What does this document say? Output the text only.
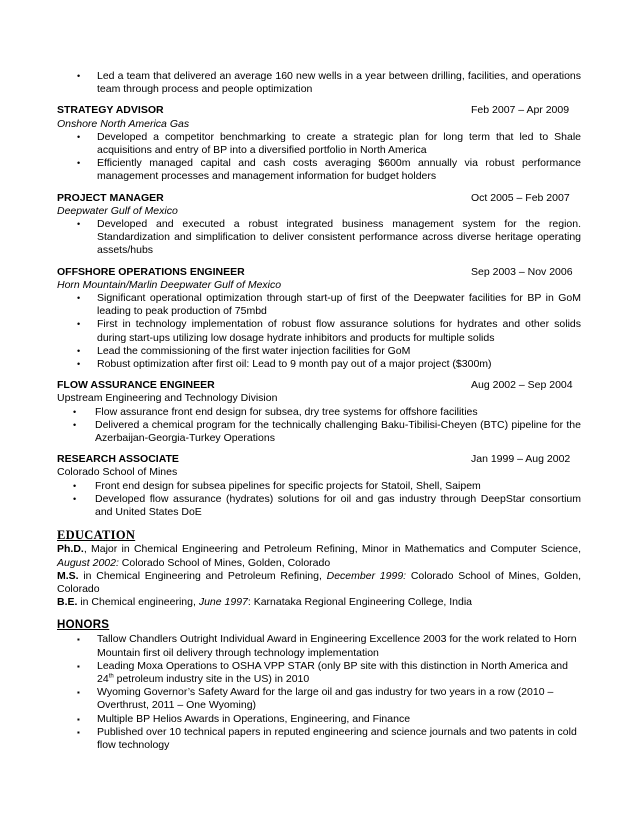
• Led a team that delivered an average 160 new wells in a year between drilling, facilities, and operations team through process and people optimization
STRATEGY ADVISOR	Feb 2007 – Apr 2009
Onshore North America Gas
• Developed a competitor benchmarking to create a strategic plan for long term that led to Shale acquisitions and entry of BP into a diversified portfolio in North America
• Efficiently managed capital and cash costs averaging $600m annually via robust performance management processes and management information for budget holders
PROJECT MANAGER	Oct 2005 – Feb 2007
Deepwater Gulf of Mexico
• Developed and executed a robust integrated business management system for the region. Standardization and simplification to deliver consistent performance across diverse heritage operating assets/hubs
OFFSHORE OPERATIONS ENGINEER	Sep 2003 – Nov 2006
Horn Mountain/Marlin Deepwater Gulf of Mexico
• Significant operational optimization through start-up of first of the Deepwater facilities for BP in GoM leading to peak production of 75mbd
• First in technology implementation of robust flow assurance solutions for hydrates and other solids during start-ups utilizing low dosage hydrate inhibitors and products for multiple solids
• Lead the commissioning of the first water injection facilities for GoM
• Robust optimization after first oil: Lead to 9 month pay out of a major project ($300m)
FLOW ASSURANCE ENGINEER	Aug 2002 – Sep 2004
Upstream Engineering and Technology Division
• Flow assurance front end design for subsea, dry tree systems for offshore facilities
• Delivered a chemical program for the technically challenging Baku-Tibilisi-Cheyen (BTC) pipeline for the Azerbaijan-Georgia-Turkey Operations
RESEARCH ASSOCIATE	Jan 1999 – Aug 2002
Colorado School of Mines
• Front end design for subsea pipelines for specific projects for Statoil, Shell, Saipem
• Developed flow assurance (hydrates) solutions for oil and gas industry through DeepStar consortium and United States DoE
EDUCATION
Ph.D., Major in Chemical Engineering and Petroleum Refining, Minor in Mathematics and Computer Science, August 2002: Colorado School of Mines, Golden, Colorado
M.S. in Chemical Engineering and Petroleum Refining, December 1999: Colorado School of Mines, Golden, Colorado
B.E. in Chemical engineering, June 1997: Karnataka Regional Engineering College, India
HONORS
▪ Tallow Chandlers Outright Individual Award in Engineering Excellence 2003 for the work related to Horn Mountain first oil delivery through technology implementation
▪ Leading Moxa Operations to OSHA VPP STAR (only BP site with this distinction in North America and 24th petroleum industry site in the US) in 2010
▪ Wyoming Governor’s Safety Award for the large oil and gas industry for two years in a row (2010 – Overthrust, 2011 – One Wyoming)
▪ Multiple BP Helios Awards in Operations, Engineering, and Finance
▪ Published over 10 technical papers in reputed engineering and science journals and two patents in cold flow technology
